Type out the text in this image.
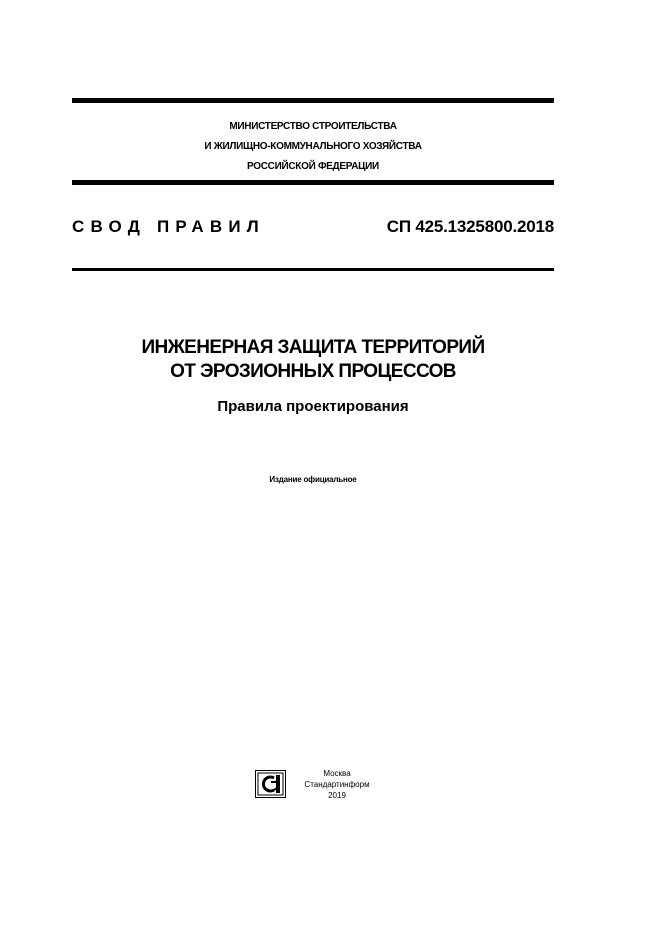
МИНИСТЕРСТВО СТРОИТЕЛЬСТВА
И ЖИЛИЩНО-КОММУНАЛЬНОГО ХОЗЯЙСТВА
РОССИЙСКОЙ ФЕДЕРАЦИИ
СВОД ПРАВИЛ	СП 425.1325800.2018
ИНЖЕНЕРНАЯ ЗАЩИТА ТЕРРИТОРИЙ
ОТ ЭРОЗИОННЫХ ПРОЦЕССОВ
Правила проектирования
Издание официальное
Москва
Стандартинформ
2019
